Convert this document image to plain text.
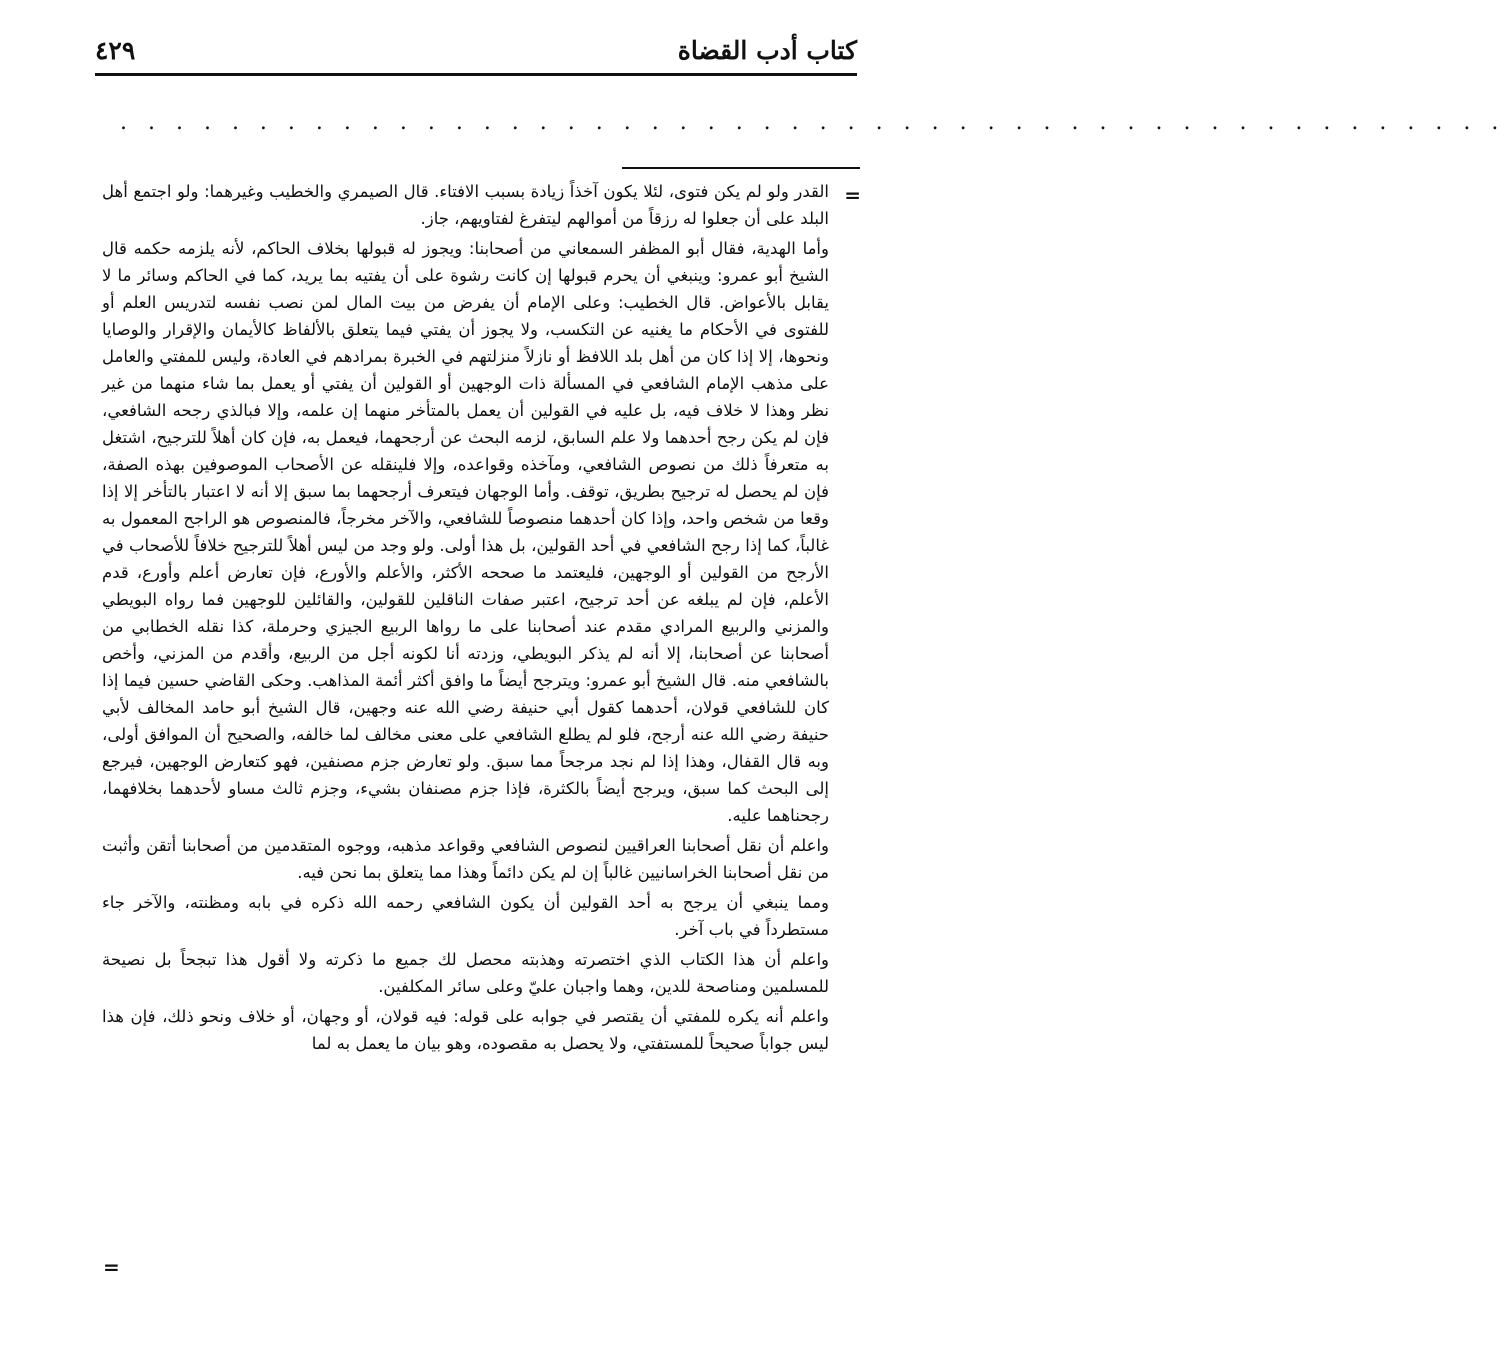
كتاب أدب القضاة
٤٢٩
. . . . . . . . . . . . . . . . . . . . . . . . . . . . . . . . . . . . . . . . . . . . . . . . . .
=

القدر ولو لم يكن فتوى، لئلا يكون آخذاً زيادة بسبب الافتاء. قال الصيمري والخطيب وغيرهما: ولو اجتمع أهل البلد على أن جعلوا له رزقاً من أموالهم ليتفرغ لفتاويهم، جاز.

وأما الهدية، فقال أبو المظفر السمعاني من أصحابنا: ويجوز له قبولها بخلاف الحاكم، لأنه يلزمه حكمه قال الشيخ أبو عمرو: وينبغي أن يحرم قبولها إن كانت رشوة على أن يفتيه بما يريد، كما في الحاكم وسائر ما لا يقابل بالأعواض. قال الخطيب: وعلى الإمام أن يفرض من بيت المال لمن نصب نفسه لتدريس العلم أو للفتوى في الأحكام ما يغنيه عن التكسب، ولا يجوز أن يفتي فيما يتعلق بالألفاظ كالأيمان والإقرار والوصايا ونحوها، إلا إذا كان من أهل بلد اللافظ أو نازلاً منزلتهم في الخبرة بمرادهم في العادة، وليس للمفتي والعامل على مذهب الإمام الشافعي في المسألة ذات الوجهين أو القولين أن يفتي أو يعمل بما شاء منهما من غير نظر وهذا لا خلاف فيه، بل عليه في القولين أن يعمل بالمتأخر منهما إن علمه، وإلا فبالذي رجحه الشافعي، فإن لم يكن رجح أحدهما ولا علم السابق، لزمه البحث عن أرجحهما، فيعمل به، فإن كان أهلاً للترجيح، اشتغل به متعرفاً ذلك من نصوص الشافعي، ومآخذه وقواعده، وإلا فلينقله عن الأصحاب الموصوفين بهذه الصفة، فإن لم يحصل له ترجيح بطريق، توقف. وأما الوجهان فيتعرف أرجحهما بما سبق إلا أنه لا اعتبار بالتأخر إلا إذا وقعا من شخص واحد، وإذا كان أحدهما منصوصاً للشافعي، والآخر مخرجاً، فالمنصوص هو الراجح المعمول به غالباً، كما إذا رجح الشافعي في أحد القولين، بل هذا أولى. ولو وجد من ليس أهلاً للترجيح خلافاً للأصحاب في الأرجح من القولين أو الوجهين، فليعتمد ما صححه الأكثر، والأعلم والأورع، فإن تعارض أعلم وأورع، قدم الأعلم، فإن لم يبلغه عن أحد ترجيح، اعتبر صفات الناقلين للقولين، والقائلين للوجهين فما رواه البويطي والمزني والربيع المرادي مقدم عند أصحابنا على ما رواها الربيع الجيزي وحرملة، كذا نقله الخطابي من أصحابنا عن أصحابنا، إلا أنه لم يذكر البويطي، وزدته أنا لكونه أجل من الربيع، وأقدم من المزني، وأخص بالشافعي منه. قال الشيخ أبو عمرو: ويترجح أيضاً ما وافق أكثر أئمة المذاهب. وحكى القاضي حسين فيما إذا كان للشافعي قولان، أحدهما كقول أبي حنيفة رضي الله عنه وجهين، قال الشيخ أبو حامد المخالف لأبي حنيفة رضي الله عنه أرجح، فلو لم يطلع الشافعي على معنى مخالف لما خالفه، والصحيح أن الموافق أولى، وبه قال القفال، وهذا إذا لم نجد مرجحاً مما سبق. ولو تعارض جزم مصنفين، فهو كتعارض الوجهين، فيرجع إلى البحث كما سبق، ويرجح أيضاً بالكثرة، فإذا جزم مصنفان بشيء، وجزم ثالث مساو لأحدهما بخلافهما، رجحناهما عليه.

واعلم أن نقل أصحابنا العراقيين لنصوص الشافعي وقواعد مذهبه، ووجوه المتقدمين من أصحابنا أتقن وأثبت من نقل أصحابنا الخراسانيين غالباً إن لم يكن دائماً وهذا مما يتعلق بما نحن فيه.

ومما ينبغي أن يرجح به أحد القولين أن يكون الشافعي رحمه الله ذكره في بابه ومظنته، والآخر جاء مستطرداً في باب آخر.

واعلم أن هذا الكتاب الذي اختصرته وهذبته محصل لك جميع ما ذكرته ولا أقول هذا تبجحاً بل نصيحة للمسلمين ومناصحة للدين، وهما واجبان عليّ وعلى سائر المكلفين.

واعلم أنه يكره للمفتي أن يقتصر في جوابه على قوله: فيه قولان، أو وجهان، أو خلاف ونحو ذلك، فإن هذا ليس جواباً صحيحاً للمستفتي، ولا يحصل به مقصوده، وهو بيان ما يعمل به لما

=
